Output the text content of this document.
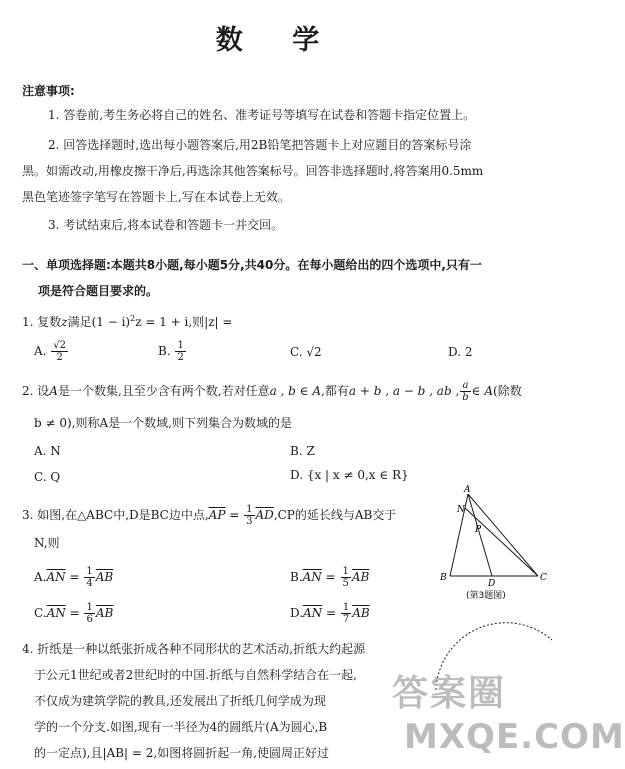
数 学
注意事项:
1. 答卷前,考生务必将自己的姓名、准考证号等填写在试卷和答题卡指定位置上。
2. 回答选择题时,选出每小题答案后,用2B铅笔把答题卡上对应题目的答案标号涂
黑。如需改动,用橡皮擦干净后,再选涂其他答案标号。回答非选择题时,将答案用0.5mm
黑色笔迹签字笔写在答题卡上,写在本试卷上无效。
3. 考试结束后,将本试卷和答题卡一并交回。
一、单项选择题:本题共8小题,每小题5分,共40分。在每小题给出的四个选项中,只有一
项是符合题目要求的。
1. 复数z满足$(1 - i)^2z = 1 + i$,则|z| =
A. $\frac{√2}{2}$	B. $\frac{1}{2}$	C. √2	D. 2
2. 设A是一个数集,且至少含有两个数,若对任意a , b ∈ A,都有a + b , a − b , ab , $\frac{a}{b}$ ∈ A(除数
b ≠ 0),则称A是一个数域,则下列集合为数域的是
A. N	B. Z
C. Q	D. {x | x ≠ 0,x ∈ R}
3. 如图,在△ABC中,D是BC边中点$,\overline{AP} = \frac{1}{3} \overline{AD},CP$的延长线与AB交于
N,则
$A.\overline{AN} = \frac{1}{4} \overline{AB}$	$B.\overline{AN} = \frac{1}{5} \overline{AB}$
$C.\overline{AN} = \frac{1}{6} \overline{AB}$	$D.\overline{AN} = \frac{1}{7} \overline{AB}$
A
N
P
B
D
C
(第3题图)
4. 折纸是一种以纸张折成各种不同形状的艺术活动,折纸大约起源
于公元1世纪或者2世纪时的中国.折纸与自然科学结合在一起,
不仅成为建筑学院的教具,还发展出了折纸几何学成为现
学的一个分支.如图,现有一半径为4的圆纸片(A为圆心,B
的一定点),且|AB| = 2,如图将圆折起一角,使圆周正好过
答案圈
MXQE.COM
